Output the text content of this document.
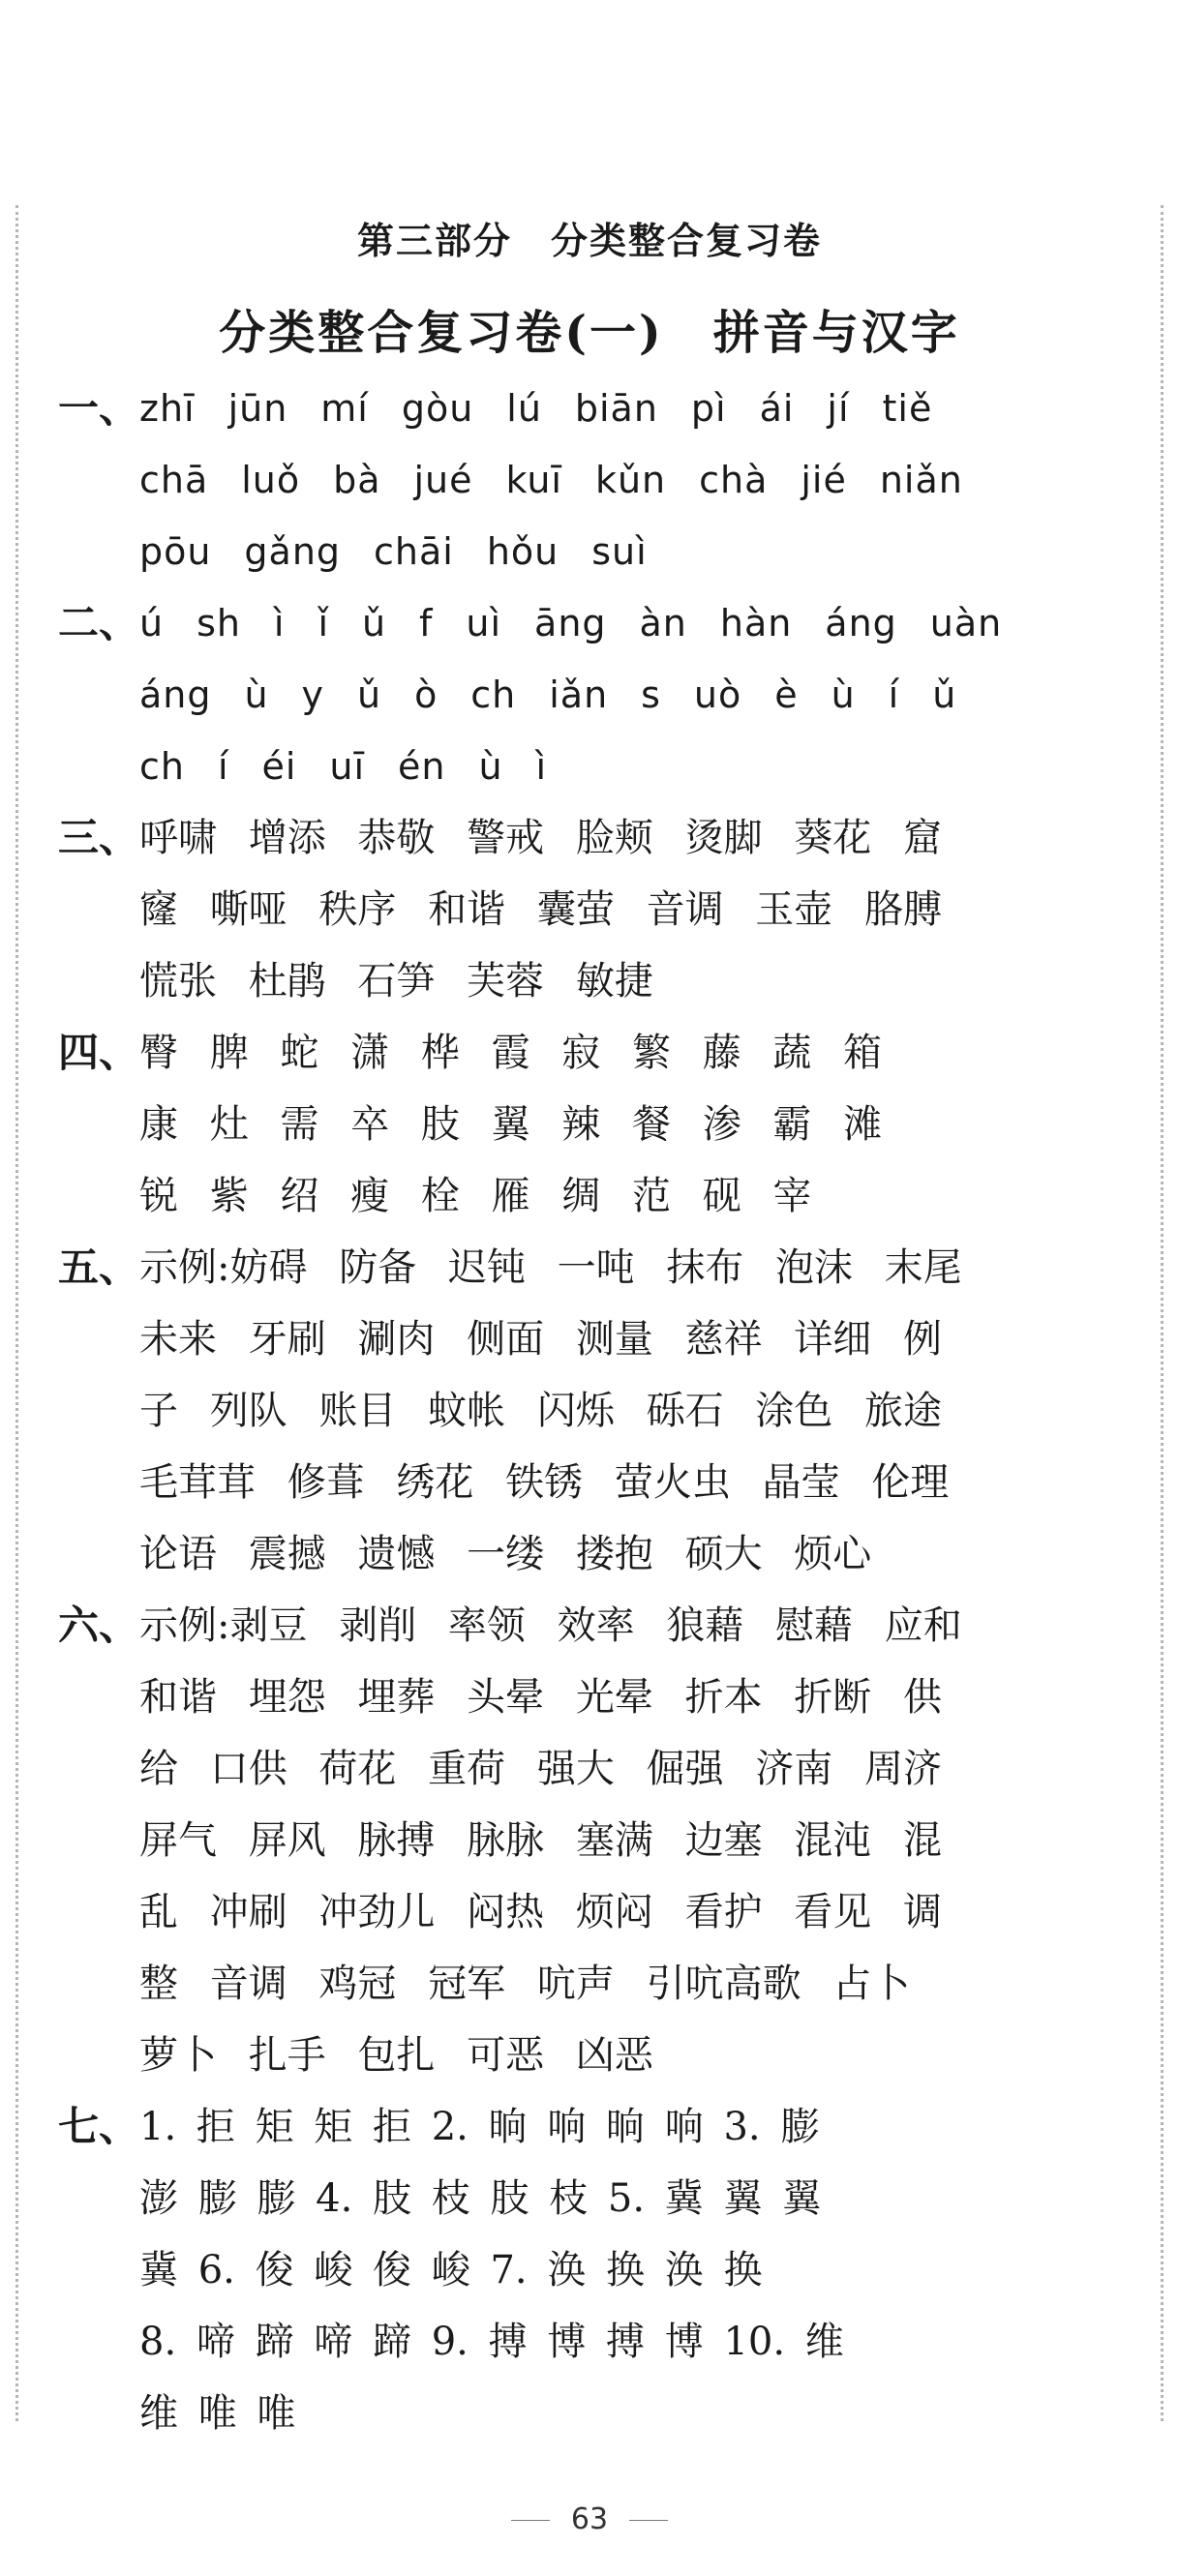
第三部分　分类整合复习卷
分类整合复习卷(一)　拼音与汉字
一、 zhī jūn mí gòu lú biān pì ái jí tiě
chā luǒ bà jué kuī kǔn chà jié niǎn
pōu gǎng chāi hǒu suì
二、 ú sh ì ǐ ǔ f uì āng àn hàn áng uàn
áng ù y ǔ ò ch iǎn s uò è ù í ǔ
ch í éi uī én ù ì
三、 呼啸 增添 恭敬 警戒 脸颊 烫脚 葵花 窟
窿 嘶哑 秩序 和谐 囊萤 音调 玉壶 胳膊
慌张 杜鹃 石笋 芙蓉 敏捷
四、 臀 脾 蛇 潇 桦 霞 寂 繁 藤 蔬 箱
康 灶 需 卒 肢 翼 辣 餐 渗 霸 滩
锐 紫 绍 瘦 栓 雁 绸 范 砚 宰
五、 示例:妨碍 防备 迟钝 一吨 抹布 泡沫 末尾
未来 牙刷 涮肉 侧面 测量 慈祥 详细 例
子 列队 账目 蚊帐 闪烁 砾石 涂色 旅途
毛茸茸 修葺 绣花 铁锈 萤火虫 晶莹 伦理
论语 震撼 遗憾 一缕 搂抱 硕大 烦心
六、 示例:剥豆 剥削 率领 效率 狼藉 慰藉 应和
和谐 埋怨 埋葬 头晕 光晕 折本 折断 供
给 口供 荷花 重荷 强大 倔强 济南 周济
屏气 屏风 脉搏 脉脉 塞满 边塞 混沌 混
乱 冲刷 冲劲儿 闷热 烦闷 看护 看见 调
整 音调 鸡冠 冠军 吭声 引吭高歌 占卜
萝卜 扎手 包扎 可恶 凶恶
七、 1. 拒 矩 矩 拒 2. 晌 响 晌 响 3. 膨
澎 膨 膨 4. 肢 枝 肢 枝 5. 冀 翼 翼
冀 6. 俊 峻 俊 峻 7. 涣 换 涣 换
8. 啼 蹄 啼 蹄 9. 搏 博 搏 博 10. 维
维 唯 唯
63
